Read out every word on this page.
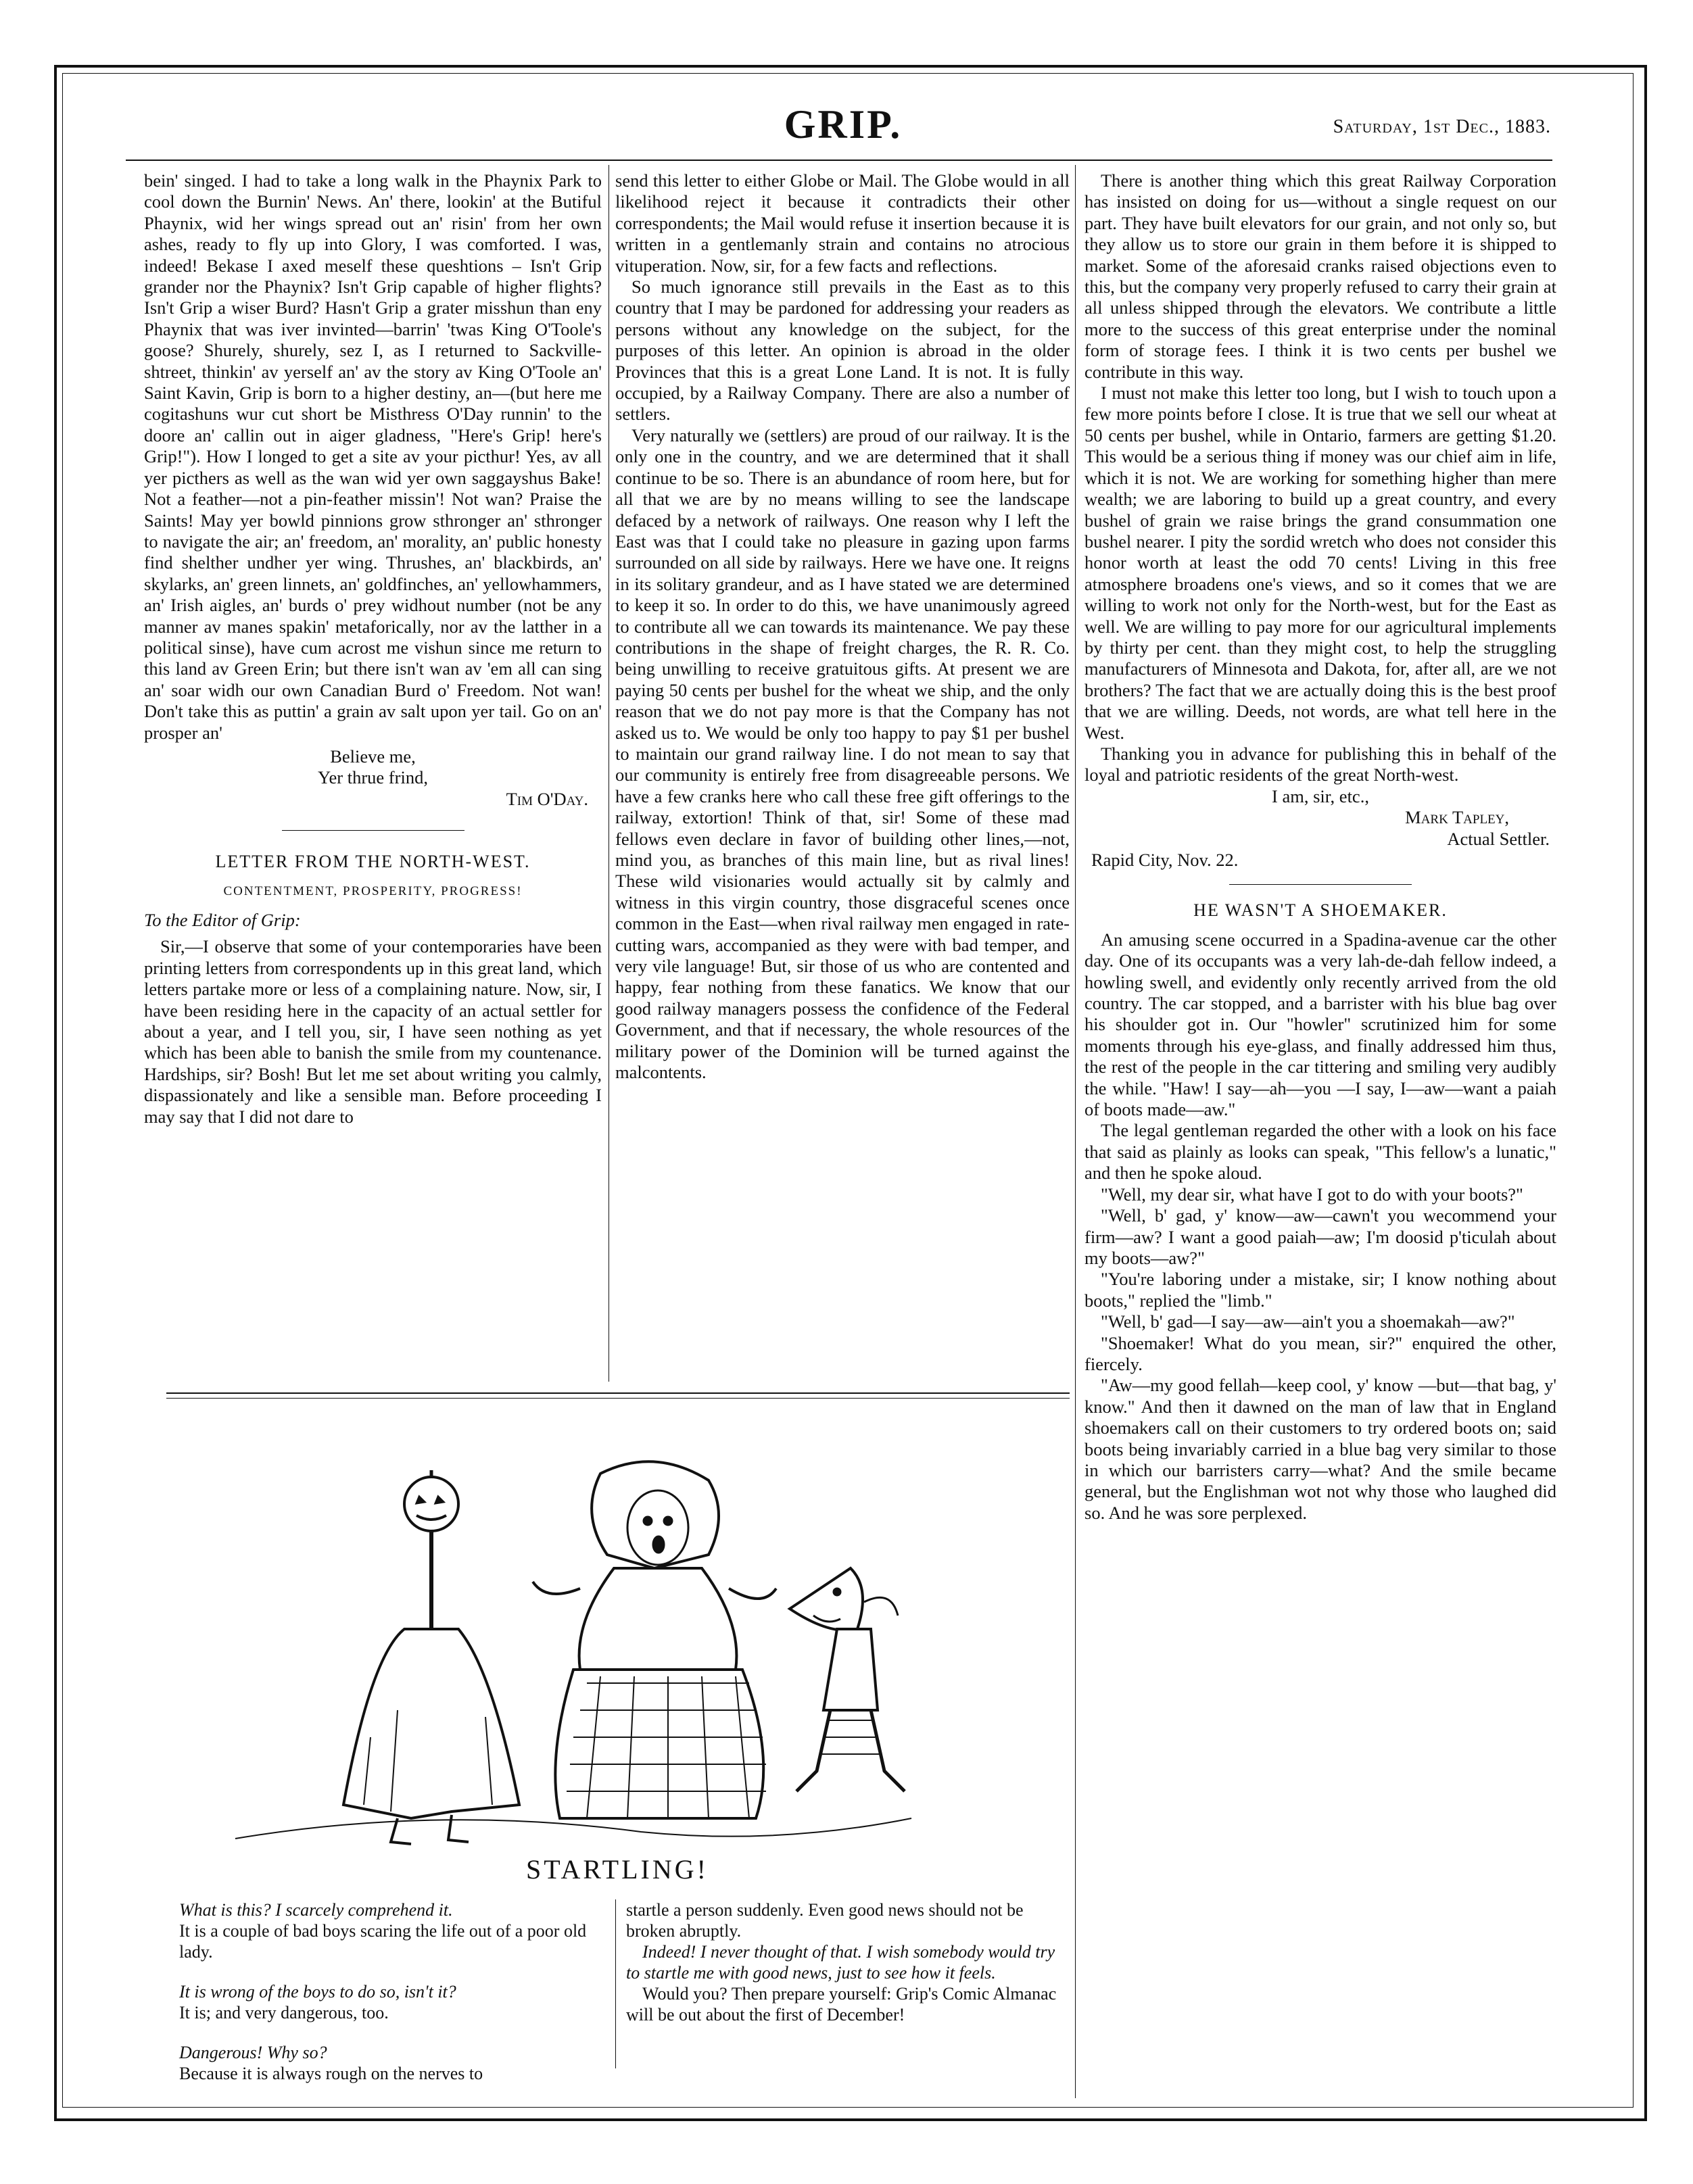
GRIP.	Saturday, 1st Dec., 1883.

bein' singed. I had to take a long walk in the Phaynix Park to cool down the Burnin' News. An' there, lookin' at the Butiful Phaynix, wid her wings spread out an' risin' from her own ashes, ready to fly up into Glory, I was comforted. I was, indeed! Bekase I axed meself these queshtions – Isn't Grip grander nor the Phaynix? Isn't Grip capable of higher flights? Isn't Grip a wiser Burd? Hasn't Grip a grater misshun than eny Phaynix that was iver invinted—barrin' 'twas King O'Toole's goose? Shurely, shurely, sez I, as I returned to Sackville-shtreet, thinkin' av yerself an' av the story av King O'Toole an' Saint Kavin, Grip is born to a higher destiny, an—(but here me cogitashuns wur cut short be Misthress O'Day runnin' to the doore an' callin out in aiger gladness, "Here's Grip! here's Grip!"). How I longed to get a site av your picthur! Yes, av all yer picthers as well as the wan wid yer own saggayshus Bake! Not a feather—not a pin-feather missin'! Not wan? Praise the Saints! May yer bowld pinnions grow sthronger an' sthronger to navigate the air; an' freedom, an' morality, an' public honesty find shelther undher yer wing. Thrushes, an' blackbirds, an' skylarks, an' green linnets, an' goldfinches, an' yellowhammers, an' Irish aigles, an' burds o' prey widhout number (not be any manner av manes spakin' metaforically, nor av the latther in a political sinse), have cum acrost me vishun since me return to this land av Green Erin; but there isn't wan av 'em all can sing an' soar widh our own Canadian Burd o' Freedom. Not wan! Don't take this as puttin' a grain av salt upon yer tail. Go on an' prosper an'

Believe me,

Yer thrue frind,

Tim O'Day.

LETTER FROM THE NORTH-WEST.
CONTENTMENT, PROSPERITY, PROGRESS!

To the Editor of Grip:

Sir,—I observe that some of your contemporaries have been printing letters from correspondents up in this great land, which letters partake more or less of a complaining nature. Now, sir, I have been residing here in the capacity of an actual settler for about a year, and I tell you, sir, I have seen nothing as yet which has been able to banish the smile from my countenance. Hardships, sir? Bosh! But let me set about writing you calmly, dispassionately and like a sensible man. Before proceeding I may say that I did not dare to

send this letter to either Globe or Mail. The Globe would in all likelihood reject it because it contradicts their other correspondents; the Mail would refuse it insertion because it is written in a gentlemanly strain and contains no atrocious vituperation. Now, sir, for a few facts and reflections.

So much ignorance still prevails in the East as to this country that I may be pardoned for addressing your readers as persons without any knowledge on the subject, for the purposes of this letter. An opinion is abroad in the older Provinces that this is a great Lone Land. It is not. It is fully occupied, by a Railway Company. There are also a number of settlers.

Very naturally we (settlers) are proud of our railway. It is the only one in the country, and we are determined that it shall continue to be so. There is an abundance of room here, but for all that we are by no means willing to see the landscape defaced by a network of railways. One reason why I left the East was that I could take no pleasure in gazing upon farms surrounded on all side by railways. Here we have one. It reigns in its solitary grandeur, and as I have stated we are determined to keep it so. In order to do this, we have unanimously agreed to contribute all we can towards its maintenance. We pay these contributions in the shape of freight charges, the R. R. Co. being unwilling to receive gratuitous gifts. At present we are paying 50 cents per bushel for the wheat we ship, and the only reason that we do not pay more is that the Company has not asked us to. We would be only too happy to pay $1 per bushel to maintain our grand railway line. I do not mean to say that our community is entirely free from disagreeable persons. We have a few cranks here who call these free gift offerings to the railway, extortion! Think of that, sir! Some of these mad fellows even declare in favor of building other lines,—not, mind you, as branches of this main line, but as rival lines! These wild visionaries would actually sit by calmly and witness in this virgin country, those disgraceful scenes once common in the East—when rival railway men engaged in rate-cutting wars, accompanied as they were with bad temper, and very vile language! But, sir those of us who are contented and happy, fear nothing from these fanatics. We know that our good railway managers possess the confidence of the Federal Government, and that if necessary, the whole resources of the military power of the Dominion will be turned against the malcontents.

There is another thing which this great Railway Corporation has insisted on doing for us—without a single request on our part. They have built elevators for our grain, and not only so, but they allow us to store our grain in them before it is shipped to market. Some of the aforesaid cranks raised objections even to this, but the company very properly refused to carry their grain at all unless shipped through the elevators. We contribute a little more to the success of this great enterprise under the nominal form of storage fees. I think it is two cents per bushel we contribute in this way.

I must not make this letter too long, but I wish to touch upon a few more points before I close. It is true that we sell our wheat at 50 cents per bushel, while in Ontario, farmers are getting $1.20. This would be a serious thing if money was our chief aim in life, which it is not. We are working for something higher than mere wealth; we are laboring to build up a great country, and every bushel of grain we raise brings the grand consummation one bushel nearer. I pity the sordid wretch who does not consider this honor worth at least the odd 70 cents! Living in this free atmosphere broadens one's views, and so it comes that we are willing to work not only for the North-west, but for the East as well. We are willing to pay more for our agricultural implements by thirty per cent. than they might cost, to help the struggling manufacturers of Minnesota and Dakota, for, after all, are we not brothers? The fact that we are actually doing this is the best proof that we are willing. Deeds, not words, are what tell here in the West.

Thanking you in advance for publishing this in behalf of the loyal and patriotic residents of the great North-west.

I am, sir, etc.,

Mark Tapley,

Actual Settler.

Rapid City, Nov. 22.

HE WASN'T A SHOEMAKER.

An amusing scene occurred in a Spadina-avenue car the other day. One of its occupants was a very lah-de-dah fellow indeed, a howling swell, and evidently only recently arrived from the old country. The car stopped, and a barrister with his blue bag over his shoulder got in. Our "howler" scrutinized him for some moments through his eye-glass, and finally addressed him thus, the rest of the people in the car tittering and smiling very audibly the while. "Haw! I say—ah—you —I say, I—aw—want a paiah of boots made—aw."

The legal gentleman regarded the other with a look on his face that said as plainly as looks can speak, "This fellow's a lunatic," and then he spoke aloud.

"Well, my dear sir, what have I got to do with your boots?"

"Well, b' gad, y' know—aw—cawn't you wecommend your firm—aw? I want a good paiah—aw; I'm doosid p'ticulah about my boots—aw?"

"You're laboring under a mistake, sir; I know nothing about boots," replied the "limb."

"Well, b' gad—I say—aw—ain't you a shoemakah—aw?"

"Shoemaker! What do you mean, sir?" enquired the other, fiercely.

"Aw—my good fellah—keep cool, y' know —but—that bag, y' know." And then it dawned on the man of law that in England shoemakers call on their customers to try ordered boots on; said boots being invariably carried in a blue bag very similar to those in which our barristers carry—what? And the smile became general, but the Englishman wot not why those who laughed did so. And he was sore perplexed.

STARTLING!

What is this? I scarcely comprehend it.

It is a couple of bad boys scaring the life out of a poor old lady.

It is wrong of the boys to do so, isn't it?

It is; and very dangerous, too.

Dangerous! Why so?

Because it is always rough on the nerves to

startle a person suddenly. Even good news should not be broken abruptly.

Indeed! I never thought of that. I wish somebody would try to startle me with good news, just to see how it feels.

Would you? Then prepare yourself: Grip's Comic Almanac will be out about the first of December!
